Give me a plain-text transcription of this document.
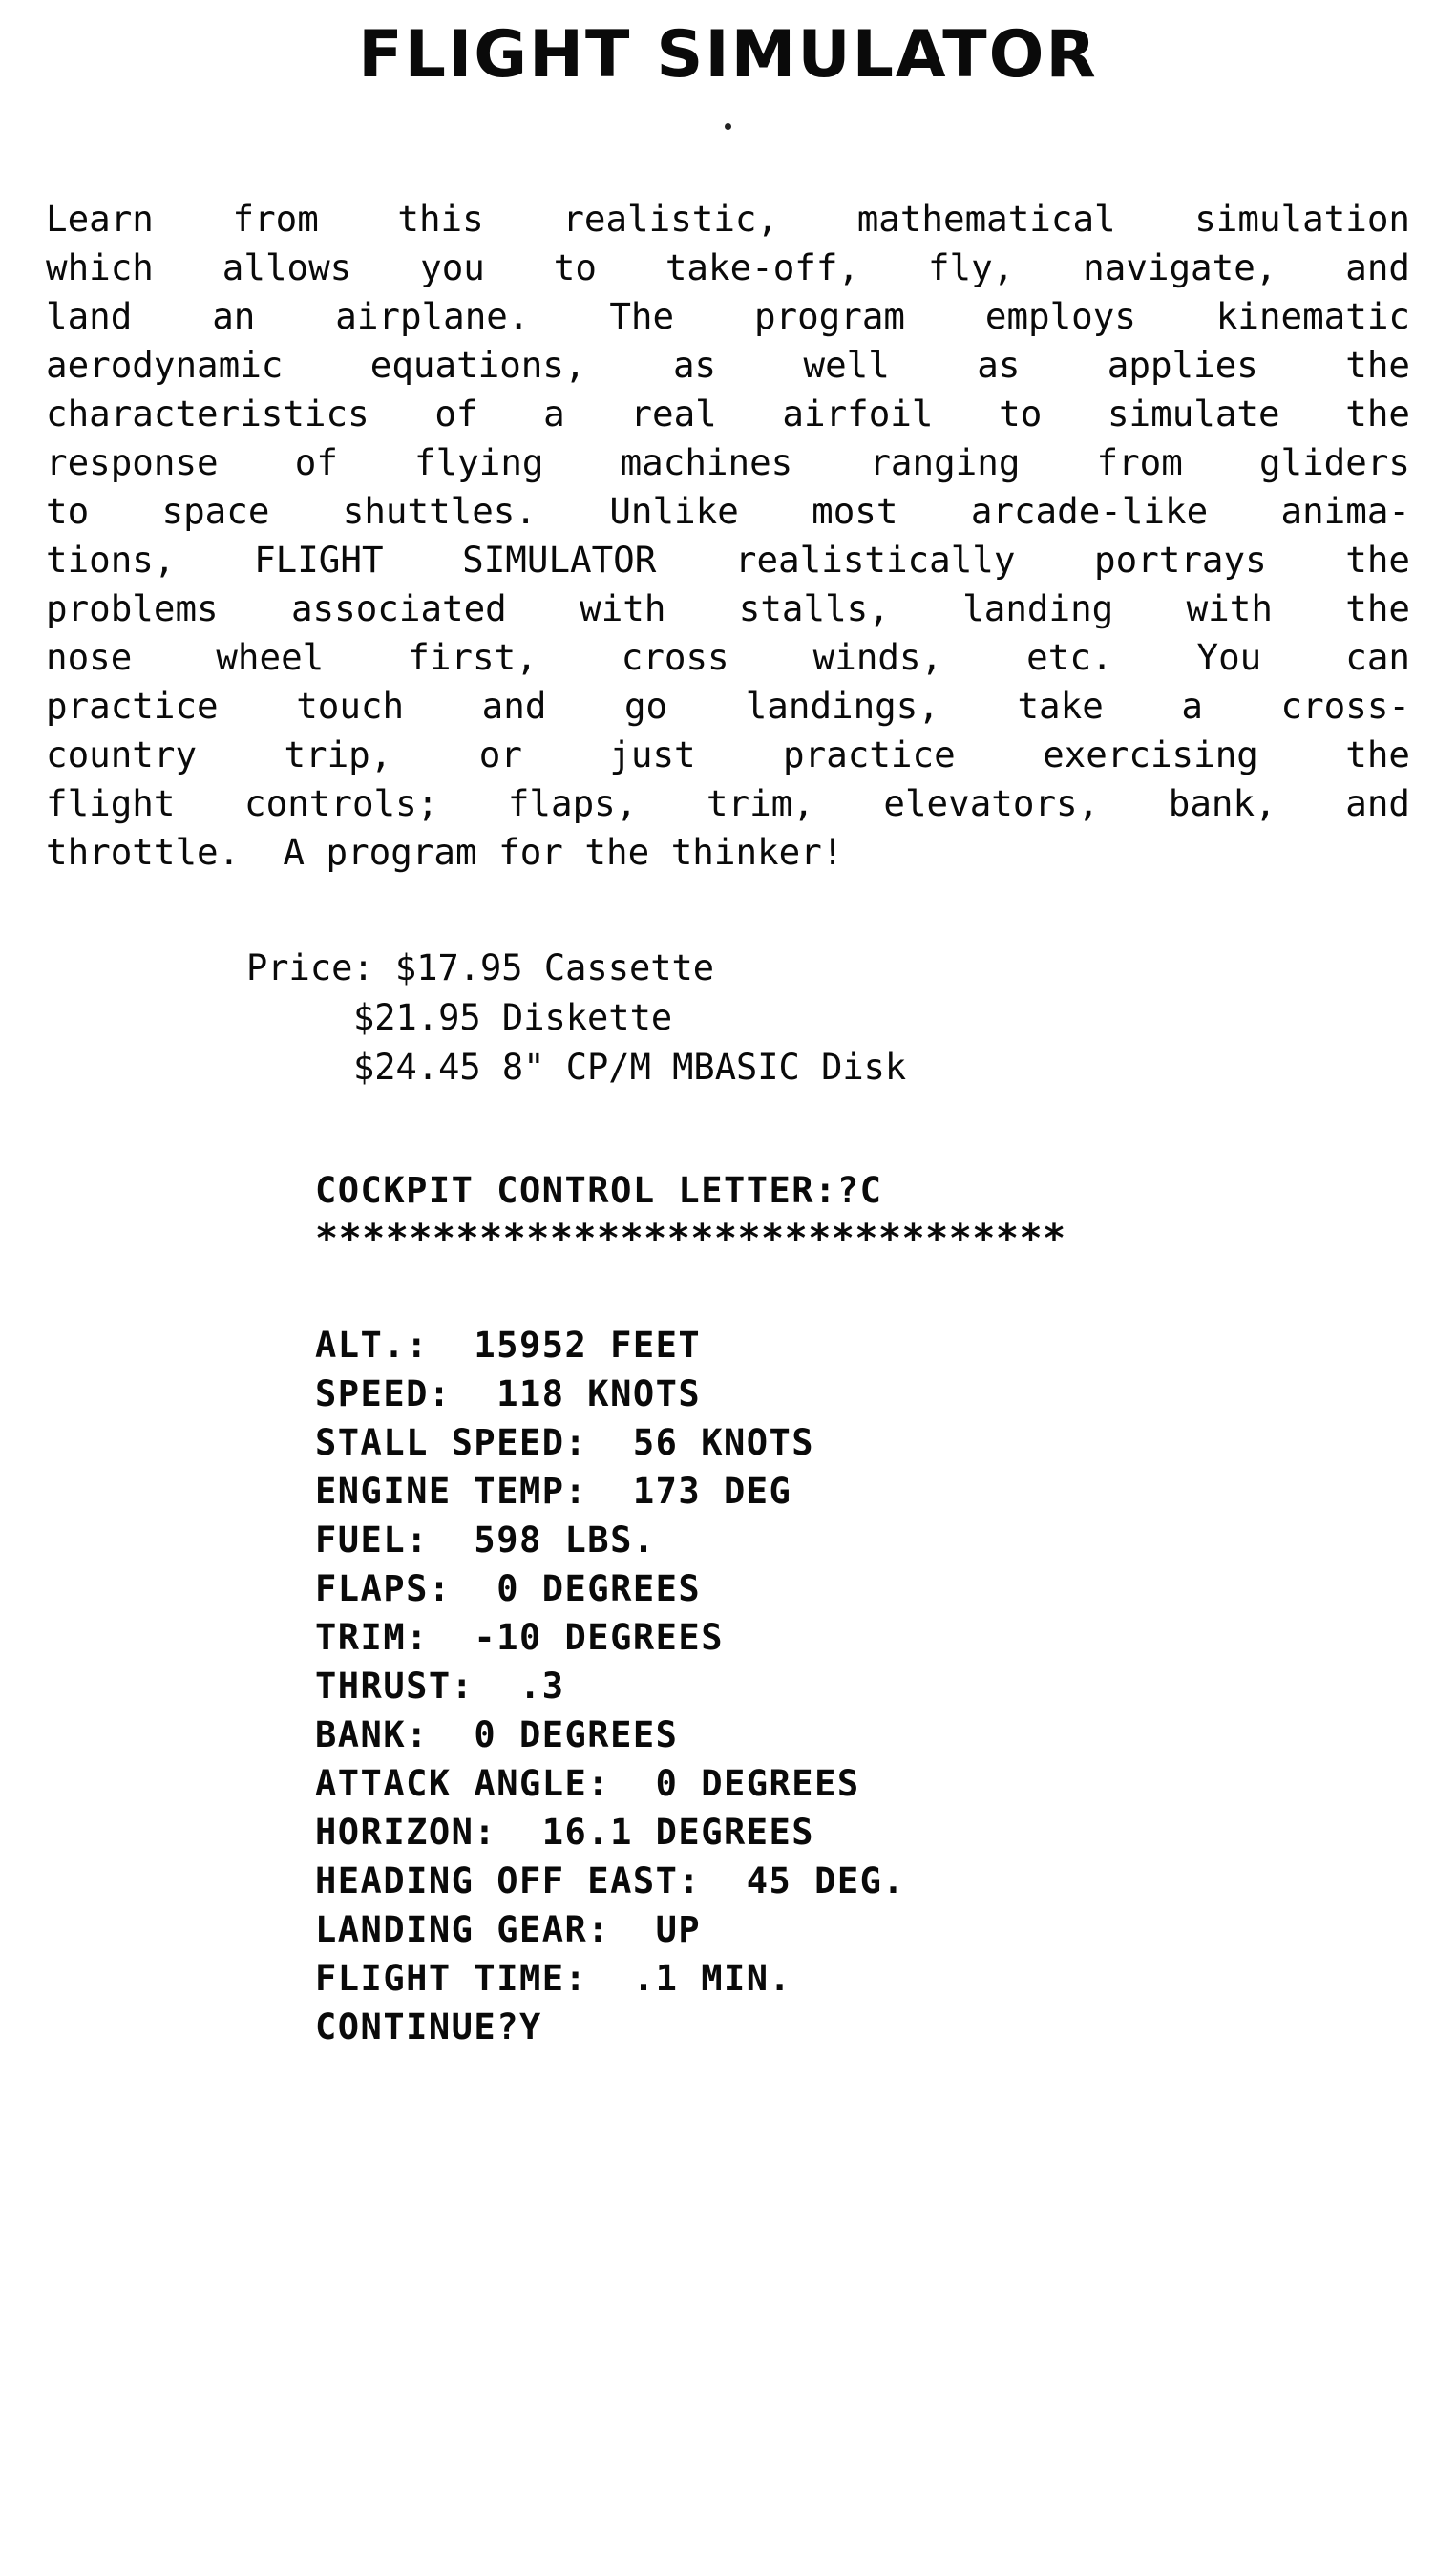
FLIGHT SIMULATOR
Learn from this realistic, mathematical simulation
which allows you to take-off, fly, navigate, and
land an airplane. The program employs kinematic
aerodynamic equations, as well as applies the
characteristics of a real airfoil to simulate the
response of flying machines ranging from gliders
to space shuttles. Unlike most arcade-like anima-
tions, FLIGHT SIMULATOR realistically portrays the
problems associated with stalls, landing with the
nose wheel first, cross winds, etc. You can
practice touch and go landings, take a cross-
country trip, or just practice exercising the
flight controls; flaps, trim, elevators, bank, and
throttle.  A program for the thinker!
Price: $17.95 Cassette
$21.95 Diskette
$24.45 8" CP/M MBASIC Disk
COCKPIT CONTROL LETTER:?C
********************************
ALT.:  15952 FEET
SPEED:  118 KNOTS
STALL SPEED:  56 KNOTS
ENGINE TEMP:  173 DEG
FUEL:  598 LBS.
FLAPS:  0 DEGREES
TRIM:  -10 DEGREES
THRUST:  .3
BANK:  0 DEGREES
ATTACK ANGLE:  0 DEGREES
HORIZON:  16.1 DEGREES
HEADING OFF EAST:  45 DEG.
LANDING GEAR:  UP
FLIGHT TIME:  .1 MIN.
CONTINUE?Y
